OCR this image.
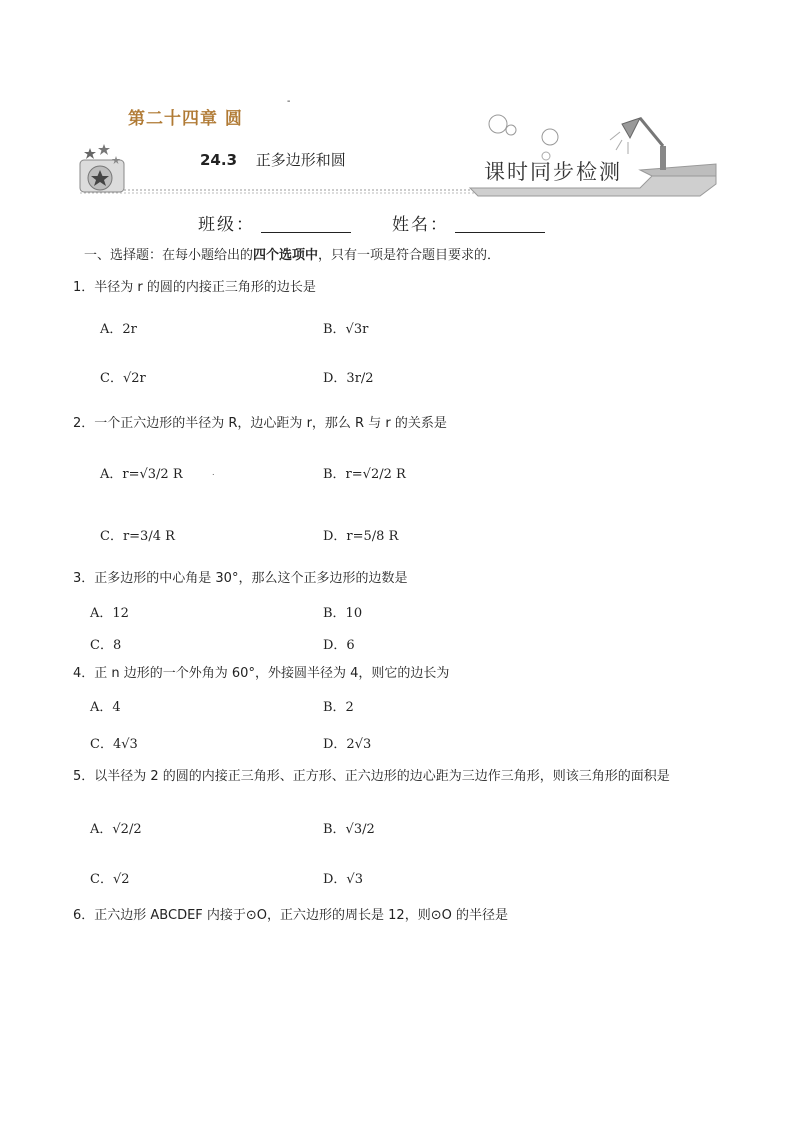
第二十四章 圆
-
24.3 正多边形和圆	课时同步检测
班级：	姓名：
一、选择题：在每小题给出的四个选项中，只有一项是符合题目要求的．
1．半径为 r 的圆的内接正三角形的边长是
A．2r	B．√3r
C．√2r	D．3r/2
2．一个正六边形的半径为 R，边心距为 r，那么 R 与 r 的关系是
A．r=√3/2 R	.	B．r=√2/2 R
C．r=3/4 R	D．r=5/8 R
3．正多边形的中心角是 30°，那么这个正多边形的边数是
A．12	B．10
C．8	D．6
4．正 n 边形的一个外角为 60°，外接圆半径为 4，则它的边长为
A．4	B．2
C．4√3	D．2√3
5．以半径为 2 的圆的内接正三角形、正方形、正六边形的边心距为三边作三角形，则该三角形的面积是
A．√2/2	B．√3/2
C．√2	D．√3
6．正六边形 ABCDEF 内接于⊙O，正六边形的周长是 12，则⊙O 的半径是
